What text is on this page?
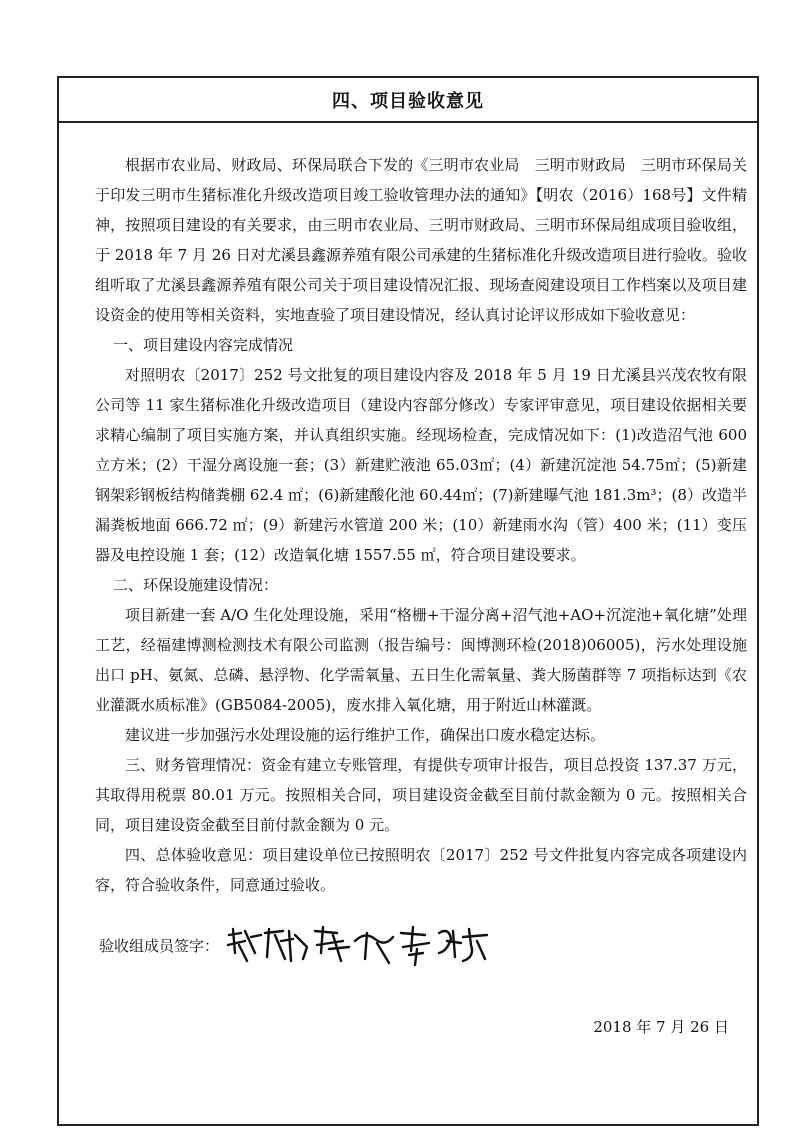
四、项目验收意见

根据市农业局、财政局、环保局联合下发的《三明市农业局　三明市财政局　三明市环保局关于印发三明市生猪标准化升级改造项目竣工验收管理办法的通知》【明农（2016）168号】文件精神，按照项目建设的有关要求，由三明市农业局、三明市财政局、三明市环保局组成项目验收组，于 2018 年 7 月 26 日对尤溪县鑫源养殖有限公司承建的生猪标准化升级改造项目进行验收。验收组听取了尤溪县鑫源养殖有限公司关于项目建设情况汇报、现场查阅建设项目工作档案以及项目建设资金的使用等相关资料，实地查验了项目建设情况，经认真讨论评议形成如下验收意见：

一、项目建设内容完成情况

对照明农〔2017〕252 号文批复的项目建设内容及 2018 年 5 月 19 日尤溪县兴茂农牧有限公司等 11 家生猪标准化升级改造项目（建设内容部分修改）专家评审意见，项目建设依据相关要求精心编制了项目实施方案，并认真组织实施。经现场检查，完成情况如下：(1)改造沼气池 600 立方米；(2）干湿分离设施一套；(3）新建贮液池 65.03㎡；(4）新建沉淀池 54.75㎡；(5)新建钢架彩钢板结构储粪棚 62.4 ㎡；(6)新建酸化池 60.44㎡；(7)新建曝气池 181.3m³；(8）改造半漏粪板地面 666.72 ㎡；(9）新建污水管道 200 米；(10）新建雨水沟（管）400 米；(11）变压器及电控设施 1 套；(12）改造氧化塘 1557.55 ㎡，符合项目建设要求。

二、环保设施建设情况：

项目新建一套 A/O 生化处理设施，采用“格栅+干湿分离+沼气池+AO+沉淀池+氧化塘”处理工艺，经福建博测检测技术有限公司监测（报告编号：闽博测环检(2018)06005)，污水处理设施出口 pH、氨氮、总磷、悬浮物、化学需氧量、五日生化需氧量、粪大肠菌群等 7 项指标达到《农业灌溉水质标准》(GB5084-2005)，废水排入氧化塘，用于附近山林灌溉。

建议进一步加强污水处理设施的运行维护工作，确保出口废水稳定达标。

三、财务管理情况：资金有建立专账管理，有提供专项审计报告，项目总投资 137.37 万元，其取得用税票 80.01 万元。按照相关合同，项目建设资金截至目前付款金额为 0 元。按照相关合同，项目建设资金截至目前付款金额为 0 元。

四、总体验收意见：项目建设单位已按照明农〔2017〕252 号文件批复内容完成各项建设内容，符合验收条件，同意通过验收。

验收组成员签字：
2018 年 7 月 26 日
